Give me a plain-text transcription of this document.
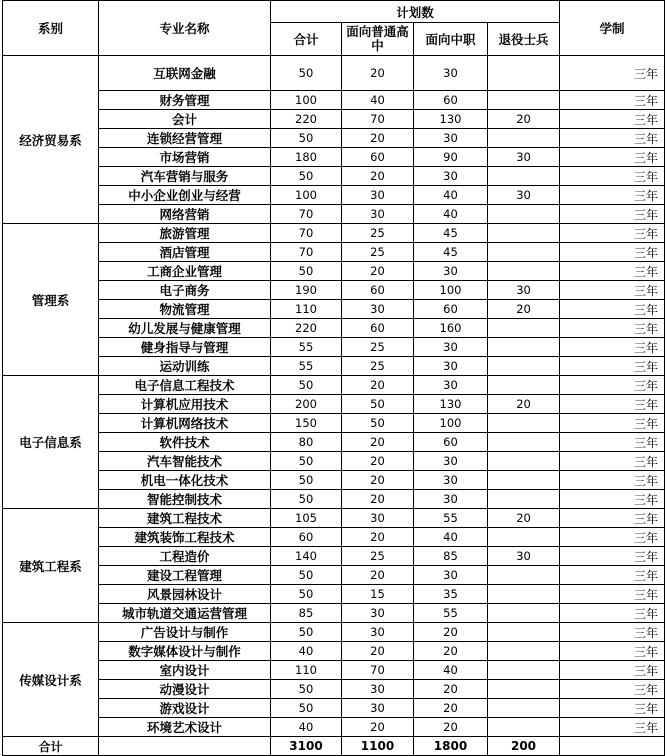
系别	专业名称	计划数				学制
		合计	面向普通高中	面向中职	退役士兵	
经济贸易系	互联网金融	50	20	30		三年
	财务管理	100	40	60		三年
	会计	220	70	130	20	三年
	连锁经营管理	50	20	30		三年
	市场营销	180	60	90	30	三年
	汽车营销与服务	50	20	30		三年
	中小企业创业与经营	100	30	40	30	三年
	网络营销	70	30	40		三年
管理系	旅游管理	70	25	45		三年
	酒店管理	70	25	45		三年
	工商企业管理	50	20	30		三年
	电子商务	190	60	100	30	三年
	物流管理	110	30	60	20	三年
	幼儿发展与健康管理	220	60	160		三年
	健身指导与管理	55	25	30		三年
	运动训练	55	25	30		三年
电子信息系	电子信息工程技术	50	20	30		三年
	计算机应用技术	200	50	130	20	三年
	计算机网络技术	150	50	100		三年
	软件技术	80	20	60		三年
	汽车智能技术	50	20	30		三年
	机电一体化技术	50	20	30		三年
	智能控制技术	50	20	30		三年
建筑工程系	建筑工程技术	105	30	55	20	三年
	建筑装饰工程技术	60	20	40		三年
	工程造价	140	25	85	30	三年
	建设工程管理	50	20	30		三年
	风景园林设计	50	15	35		三年
	城市轨道交通运营管理	85	30	55		三年
传媒设计系	广告设计与制作	50	30	20		三年
	数字媒体设计与制作	40	20	20		三年
	室内设计	110	70	40		三年
	动漫设计	50	30	20		三年
	游戏设计	50	30	20		三年
	环境艺术设计	40	20	20		三年
合计		3100	1100	1800	200	
